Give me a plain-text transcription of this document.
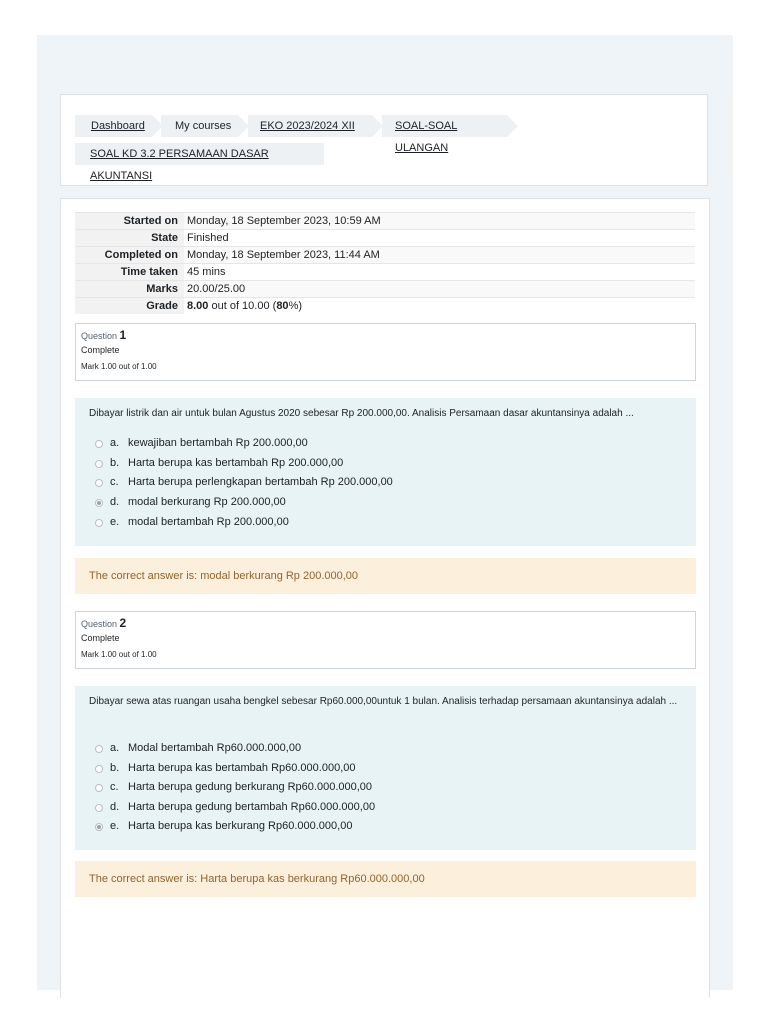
Dashboard	My courses	EKO 2023/2024 XII	SOAL-SOAL ULANGAN
SOAL KD 3.2 PERSAMAAN DASAR AKUNTANSI
Started on	Monday, 18 September 2023, 10:59 AM
State	Finished
Completed on	Monday, 18 September 2023, 11:44 AM
Time taken	45 mins
Marks	20.00/25.00
Grade	8.00 out of 10.00 (80%)
Question 1
Complete
Mark 1.00 out of 1.00
Dibayar listrik dan air untuk bulan Agustus 2020 sebesar Rp 200.000,00. Analisis Persamaan dasar akuntansinya adalah ...
a. kewajiban bertambah Rp 200.000,00
b. Harta berupa kas bertambah Rp 200.000,00
c. Harta berupa perlengkapan bertambah Rp 200.000,00
d. modal berkurang Rp 200.000,00
e. modal bertambah Rp 200.000,00
The correct answer is: modal berkurang Rp 200.000,00
Question 2
Complete
Mark 1.00 out of 1.00
Dibayar sewa atas ruangan usaha bengkel sebesar Rp60.000,00untuk 1 bulan. Analisis terhadap persamaan akuntansinya adalah ...
a. Modal bertambah Rp60.000.000,00
b. Harta berupa kas bertambah Rp60.000.000,00
c. Harta berupa gedung berkurang Rp60.000.000,00
d. Harta berupa gedung bertambah Rp60.000.000,00
e. Harta berupa kas berkurang Rp60.000.000,00
The correct answer is: Harta berupa kas berkurang Rp60.000.000,00
